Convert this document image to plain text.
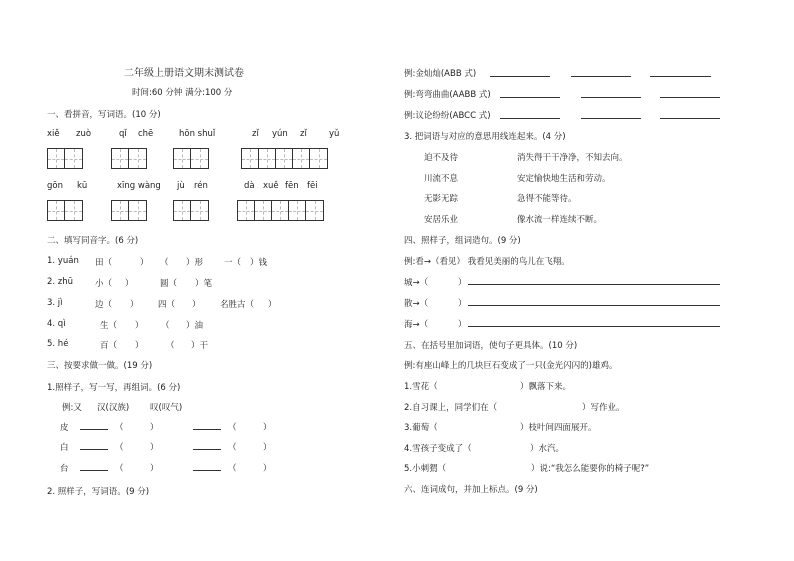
二年级上册语文期末测试卷
时间:60 分钟 满分:100 分
一、看拼音，写词语。(10 分)
xiě zuò	qǐ chē	hōn shuǐ	zǐ yún zǐ	yǔ
gōn kū	xīng wàng jù rén	dà xuě fēn fēi
二、填写同音字。(6 分)
1. yuán 田（	） （ ）形 一（ ）钱
2. zhū	小（ ）	圆（ ）笔
3. jì	边（ ） 四（ ） 名胜古（ ）
4. qì	生（ ） （ ）油
5. hé	百（ ）	（ ）干
三、按要求做一做。(19 分)
1.照样子，写一写，再组词。(6 分)
例:又 汉(汉族) 叹(叹气)
皮	（	）	（	）
白	（	）	（	）
台	（	）	（	）
2. 照样子，写词语。(9 分)
例:金灿灿(ABB 式)
例:弯弯曲曲(AABB 式)
例:议论纷纷(ABCC 式)
3. 把词语与对应的意思用线连起来。(4 分)
迫不及待
川流不息
无影无踪
安居乐业
消失得干干净净，不知去向。
安定愉快地生活和劳动。
急得不能等待。
像水流一样连续不断。
四、照样子，组词造句。(9 分)
例:看→（看见） 我看见美丽的鸟儿在飞翔。
城→（	）
散→（	）
海→（	）
五、在括号里加词语，使句子更具体。(10 分)
例:有座山峰上的几块巨石变成了一只(金光闪闪的)雄鸡。
1.雪花（	）飘落下来。
2.自习课上，同学们在（	）写作业。
3.葡萄（	）枝叶间四面展开。
4.雪孩子变成了（	）水汽。
5.小刺猬（	）说:“我怎么能要你的椅子呢?”
六、连词成句，并加上标点。(9 分)
